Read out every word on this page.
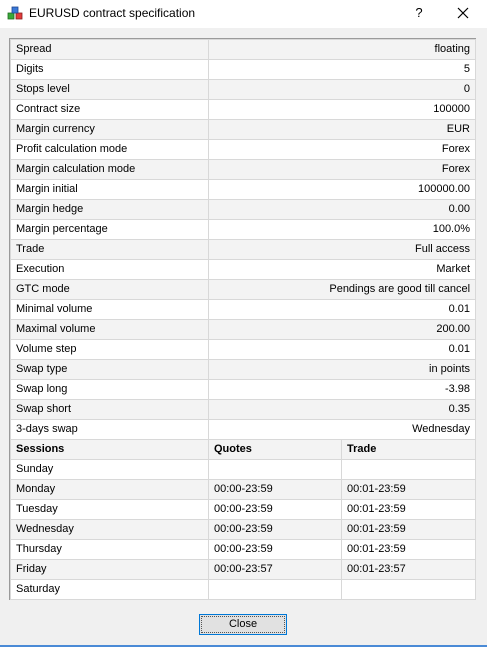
EURUSD contract specification	?
Spread	floating	
Digits	5	
Stops level	0	
Contract size	100000	
Margin currency	EUR	
Profit calculation mode	Forex	
Margin calculation mode	Forex	
Margin initial	100000.00	
Margin hedge	0.00	
Margin percentage	100.0%	
Trade	Full access	
Execution	Market	
GTC mode	Pendings are good till cancel	
Minimal volume	0.01	
Maximal volume	200.00	
Volume step	0.01	
Swap type	in points	
Swap long	-3.98	
Swap short	0.35	
3-days swap	Wednesday	
Sessions	Quotes	Trade
Sunday		
Monday	00:00-23:59	00:01-23:59
Tuesday	00:00-23:59	00:01-23:59
Wednesday	00:00-23:59	00:01-23:59
Thursday	00:00-23:59	00:01-23:59
Friday	00:00-23:57	00:01-23:57
Saturday		
Close
